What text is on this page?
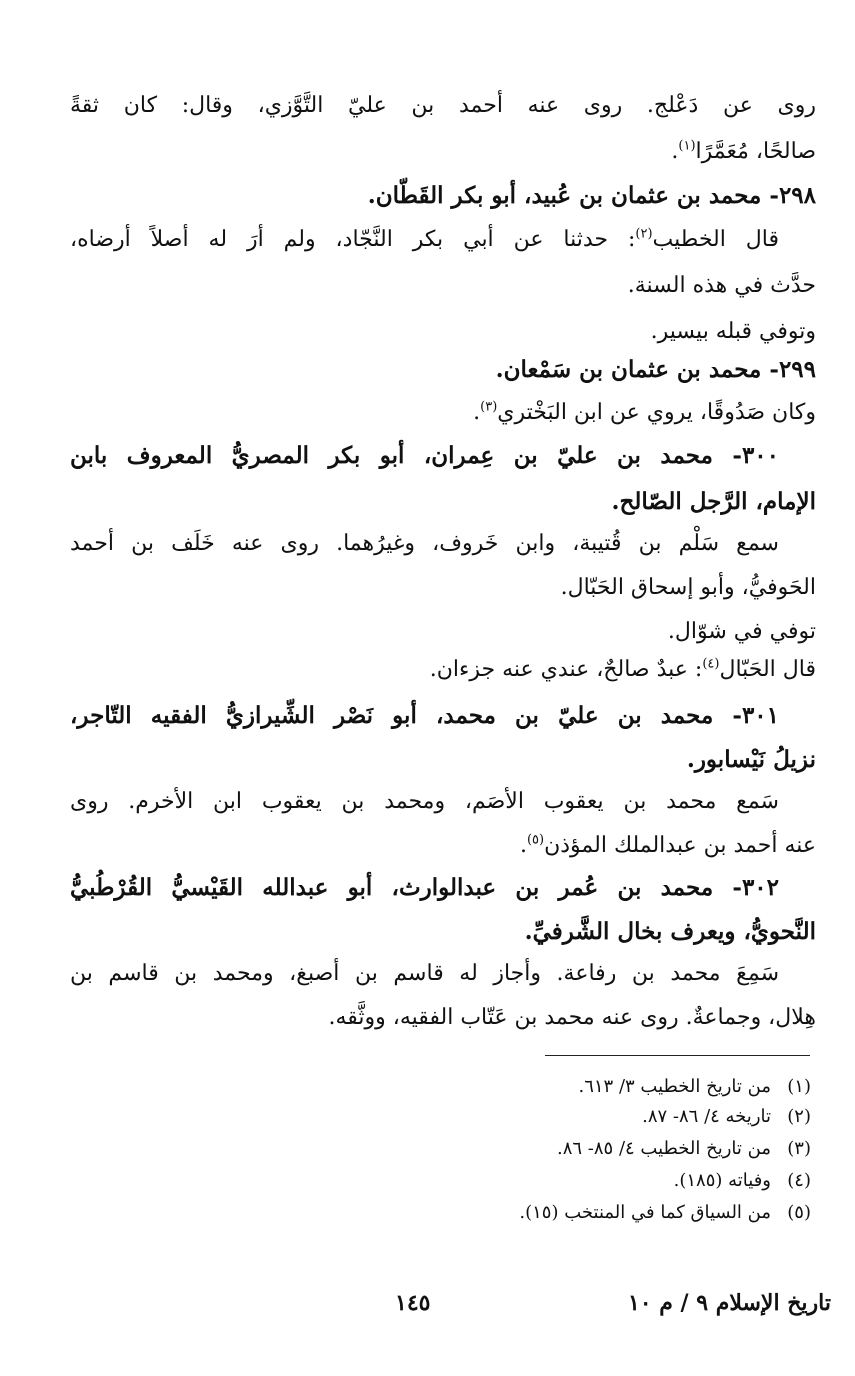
روى عن دَعْلج. روى عنه أحمد بن عليّ التَّوَّزي، وقال: كان ثقةً
صالحًا، مُعَمَّرًا$^{(١)}$.
٢٩٨- محمد بن عثمان بن عُبيد، أبو بكر القَطّان.
قال الخطيب$^{(٢)}$: حدثنا عن أبي بكر النَّجّاد، ولم أرَ له أصلاً أرضاه،
حدَّث في هذه السنة.
وتوفي قبله بيسير.
٢٩٩- محمد بن عثمان بن سَمْعان.
وكان صَدُوقًا، يروي عن ابن البَخْتري$^{(٣)}$.
٣٠٠- محمد بن عليّ بن عِمران، أبو بكر المصريُّ المعروف بابن
الإمام، الرَّجل الصّالح.
سمع سَلْم بن قُتيبة، وابن خَروف، وغيرُهما. روى عنه خَلَف بن أحمد
الحَوفيُّ، وأبو إسحاق الحَبّال.
توفي في شوّال.
قال الحَبّال$^{(٤)}$: عبدٌ صالحٌ، عندي عنه جزءان.
٣٠١- محمد بن عليّ بن محمد، أبو نَصْر الشِّيرازيُّ الفقيه التّاجر،
نزيلُ نَيْسابور.
سَمع محمد بن يعقوب الأصَم، ومحمد بن يعقوب ابن الأخرم. روى
عنه أحمد بن عبدالملك المؤذن$^{(٥)}$.
٣٠٢- محمد بن عُمر بن عبدالوارث، أبو عبدالله القَيْسيُّ القُرْطُبيُّ
النَّحويُّ، ويعرف بخال الشَّرفيِّ.
سَمِعَ محمد بن رفاعة. وأجاز له قاسم بن أصبغ، ومحمد بن قاسم بن
هِلال، وجماعةٌ. روى عنه محمد بن عَتّاب الفقيه، ووثَّقه.
(١)من تاريخ الخطيب ٣/ ٦١٣.
(٢)تاريخه ٤/ ٨٦- ٨٧.
(٣)من تاريخ الخطيب ٤/ ٨٥- ٨٦.
(٤)وفياته (١٨٥).
(٥)من السياق كما في المنتخب (١٥).
تاريخ الإسلام ٩ / م ١٠
١٤٥
